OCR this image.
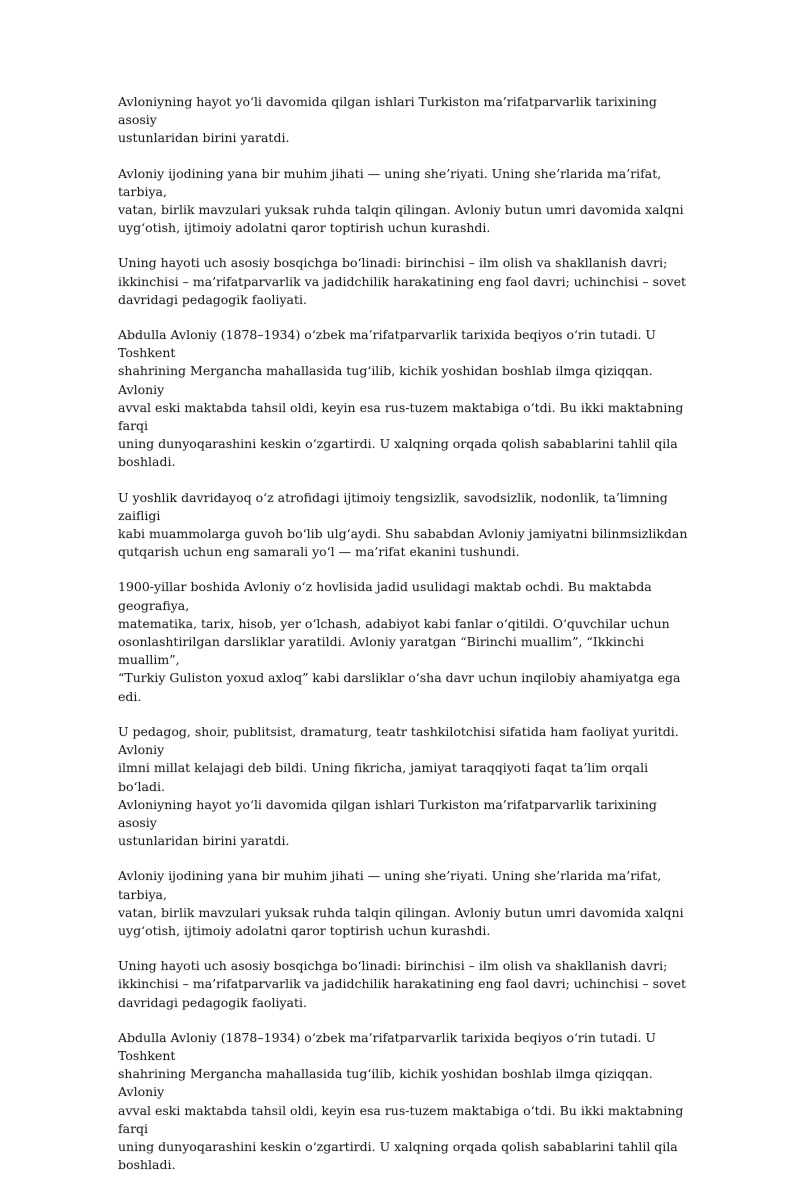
Avloniyning hayot yo‘li davomida qilgan ishlari Turkiston ma’rifatparvarlik tarixining asosiy
ustunlaridan birini yaratdi.

Avloniy ijodining yana bir muhim jihati — uning she’riyati. Uning she’rlarida ma’rifat, tarbiya,
vatan, birlik mavzulari yuksak ruhda talqin qilingan. Avloniy butun umri davomida xalqni
uyg‘otish, ijtimoiy adolatni qaror toptirish uchun kurashdi.

Uning hayoti uch asosiy bosqichga bo‘linadi: birinchisi – ilm olish va shakllanish davri;
ikkinchisi – ma’rifatparvarlik va jadidchilik harakatining eng faol davri; uchinchisi – sovet
davridagi pedagogik faoliyati.

Abdulla Avloniy (1878–1934) o‘zbek ma’rifatparvarlik tarixida beqiyos o‘rin tutadi. U Toshkent
shahrining Merganchа mahallasida tug‘ilib, kichik yoshidan boshlab ilmga qiziqqan. Avloniy
avval eski maktabda tahsil oldi, keyin esa rus-tuzem maktabiga o‘tdi. Bu ikki maktabning farqi
uning dunyoqarashini keskin o‘zgartirdi. U xalqning orqada qolish sabablarini tahlil qila
boshladi.

U yoshlik davridayoq o‘z atrofidagi ijtimoiy tengsizlik, savodsizlik, nodonlik, ta’limning zaifligi
kabi muammolarga guvoh bo‘lib ulg‘aydi. Shu sababdan Avloniy jamiyatni bilinmsizlikdan
qutqarish uchun eng samarali yo‘l — ma’rifat ekanini tushundi.

1900-yillar boshida Avloniy o‘z hovlisida jadid usulidagi maktab ochdi. Bu maktabda geografiya,
matematika, tarix, hisob, yer o‘lchash, adabiyot kabi fanlar o‘qitildi. O‘quvchilar uchun
osonlashtirilgan darsliklar yaratildi. Avloniy yaratgan “Birinchi muallim”, “Ikkinchi muallim”,
“Turkiy Guliston yoxud axloq” kabi darsliklar o‘sha davr uchun inqilobiy ahamiyatga ega edi.

U pedagog, shoir, publitsist, dramaturg, teatr tashkilotchisi sifatida ham faoliyat yuritdi. Avloniy
ilmni millat kelajagi deb bildi. Uning fikricha, jamiyat taraqqiyoti faqat ta’lim orqali bo‘ladi.
Avloniyning hayot yo‘li davomida qilgan ishlari Turkiston ma’rifatparvarlik tarixining asosiy
ustunlaridan birini yaratdi.

Avloniy ijodining yana bir muhim jihati — uning she’riyati. Uning she’rlarida ma’rifat, tarbiya,
vatan, birlik mavzulari yuksak ruhda talqin qilingan. Avloniy butun umri davomida xalqni
uyg‘otish, ijtimoiy adolatni qaror toptirish uchun kurashdi.

Uning hayoti uch asosiy bosqichga bo‘linadi: birinchisi – ilm olish va shakllanish davri;
ikkinchisi – ma’rifatparvarlik va jadidchilik harakatining eng faol davri; uchinchisi – sovet
davridagi pedagogik faoliyati.

Abdulla Avloniy (1878–1934) o‘zbek ma’rifatparvarlik tarixida beqiyos o‘rin tutadi. U Toshkent
shahrining Merganchа mahallasida tug‘ilib, kichik yoshidan boshlab ilmga qiziqqan. Avloniy
avval eski maktabda tahsil oldi, keyin esa rus-tuzem maktabiga o‘tdi. Bu ikki maktabning farqi
uning dunyoqarashini keskin o‘zgartirdi. U xalqning orqada qolish sabablarini tahlil qila
boshladi.
